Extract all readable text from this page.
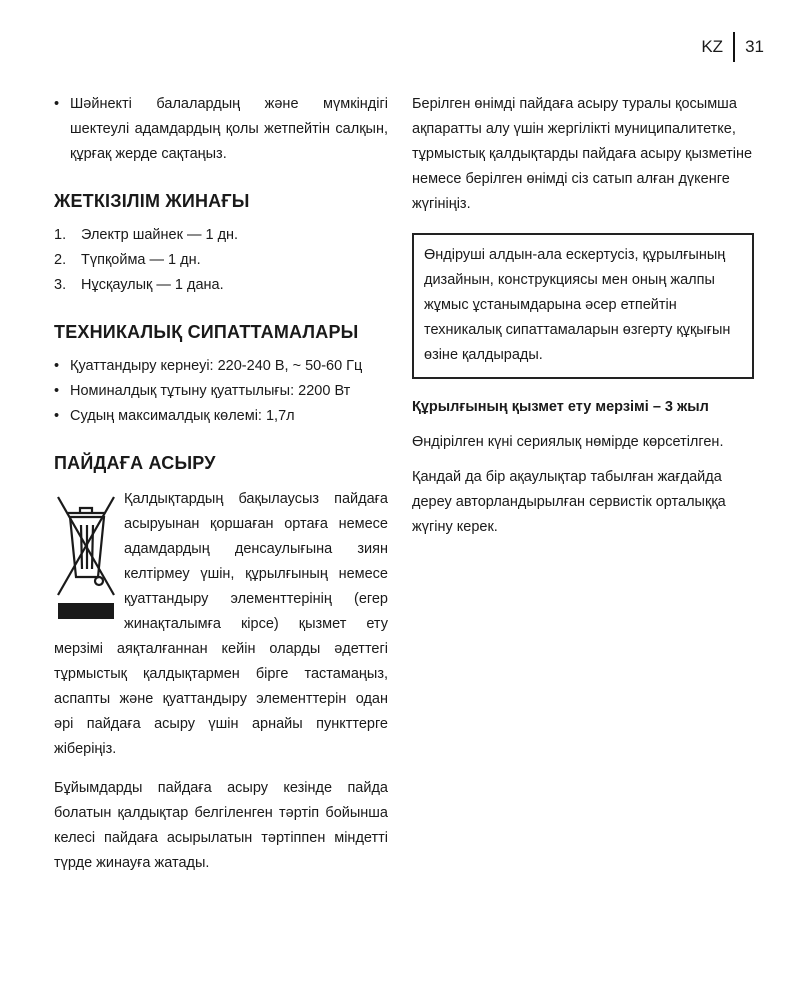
KZ 31
• Шәйнекті балалардың және мүмкіндігі шектеулі адамдардың қолы жетпейтін салқын, құрғақ жерде сақтаңыз.
ЖЕТКІЗІЛІМ ЖИНАҒЫ
1.	Электр шайнек — 1 дн.
2.	Түпқойма — 1 дн.
3.	Нұсқаулық — 1 дана.
ТЕХНИКАЛЫҚ СИПАТТАМАЛАРЫ
• Қуаттандыру кернеуі: 220-240 В, ~ 50-60 Гц
• Номиналдық тұтыну қуаттылығы: 2200 Вт
• Судың максималдық көлемі: 1,7л
ПАЙДАҒА АСЫРУ

Қалдықтардың бақылаусыз пайдаға асыруынан қоршаған ортаға немесе адамдардың денсаулығына зиян келтірмеу үшін, құрылғының немесе қуаттандыру элементтерінің (егер жинақталымға кірсе) қызмет ету мерзімі аяқталғаннан кейін оларды әдеттегі тұрмыстық қалдықтармен бірге тастамаңыз, аспапты және қуаттандыру элементтерін одан әрі пайдаға асыру үшін арнайы пункттерге жіберіңіз.

Бұйымдарды пайдаға асыру кезінде пайда болатын қалдықтар белгіленген тәртіп бойынша келесі пайдаға асырылатын тәртіппен міндетті түрде жинауға жатады.

Берілген өнімді пайдаға асыру туралы қосымша ақпаратты алу үшін жергілікті муниципалитетке, тұрмыстық қалдықтарды пайдаға асыру қызметіне немесе берілген өнімді сіз сатып алған дүкенге жүгініңіз.

Өндіруші алдын-ала ескертусіз, құрылғының дизайнын, конструкциясы мен оның жалпы жұмыс ұстанымдарына әсер етпейтін техникалық сипаттамаларын өзгерту құқығын өзіне қалдырады.

Құрылғының қызмет ету мерзімі – 3 жыл

Өндірілген күні сериялық нөмірде көрсетілген.

Қандай да бір ақаулықтар табылған жағдайда дереу авторландырылған сервистік орталыққа жүгіну керек.
